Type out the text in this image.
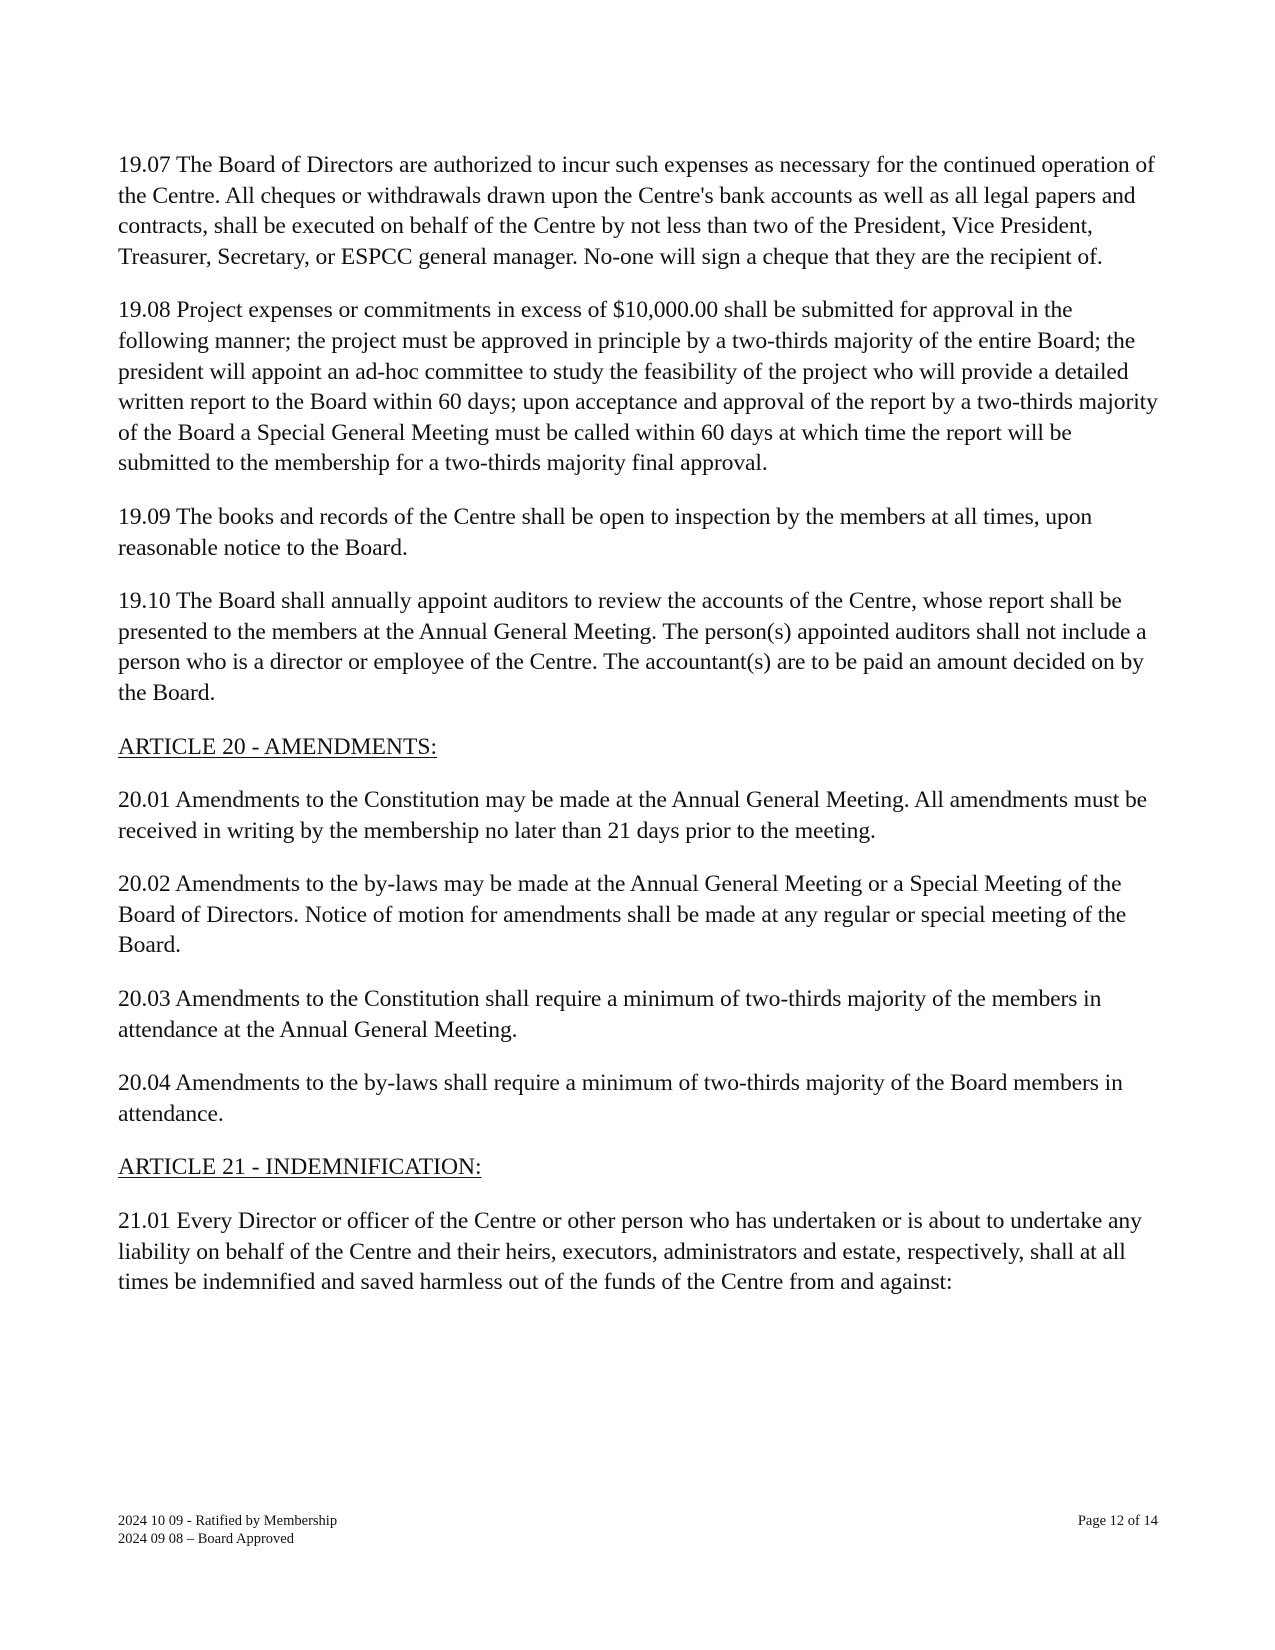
19.07 The Board of Directors are authorized to incur such expenses as necessary for the continued operation of the Centre. All cheques or withdrawals drawn upon the Centre's bank accounts as well as all legal papers and contracts, shall be executed on behalf of the Centre by not less than two of the President, Vice President, Treasurer, Secretary, or ESPCC general manager. No-one will sign a cheque that they are the recipient of.

19.08 Project expenses or commitments in excess of $10,000.00 shall be submitted for approval in the following manner; the project must be approved in principle by a two-thirds majority of the entire Board; the president will appoint an ad-hoc committee to study the feasibility of the project who will provide a detailed written report to the Board within 60 days; upon acceptance and approval of the report by a two-thirds majority of the Board a Special General Meeting must be called within 60 days at which time the report will be submitted to the membership for a two-thirds majority final approval.

19.09 The books and records of the Centre shall be open to inspection by the members at all times, upon reasonable notice to the Board.

19.10 The Board shall annually appoint auditors to review the accounts of the Centre, whose report shall be presented to the members at the Annual General Meeting. The person(s) appointed auditors shall not include a person who is a director or employee of the Centre. The accountant(s) are to be paid an amount decided on by the Board.

ARTICLE 20 - AMENDMENTS:

20.01 Amendments to the Constitution may be made at the Annual General Meeting. All amendments must be received in writing by the membership no later than 21 days prior to the meeting.

20.02 Amendments to the by-laws may be made at the Annual General Meeting or a Special Meeting of the Board of Directors. Notice of motion for amendments shall be made at any regular or special meeting of the Board.

20.03 Amendments to the Constitution shall require a minimum of two-thirds majority of the members in attendance at the Annual General Meeting.

20.04 Amendments to the by-laws shall require a minimum of two-thirds majority of the Board members in attendance.

ARTICLE 21 - INDEMNIFICATION:

21.01 Every Director or officer of the Centre or other person who has undertaken or is about to undertake any liability on behalf of the Centre and their heirs, executors, administrators and estate, respectively, shall at all times be indemnified and saved harmless out of the funds of the Centre from and against:

2024 10 09 - Ratified by Membership
2024 09 08 – Board Approved
Page 12 of 14
